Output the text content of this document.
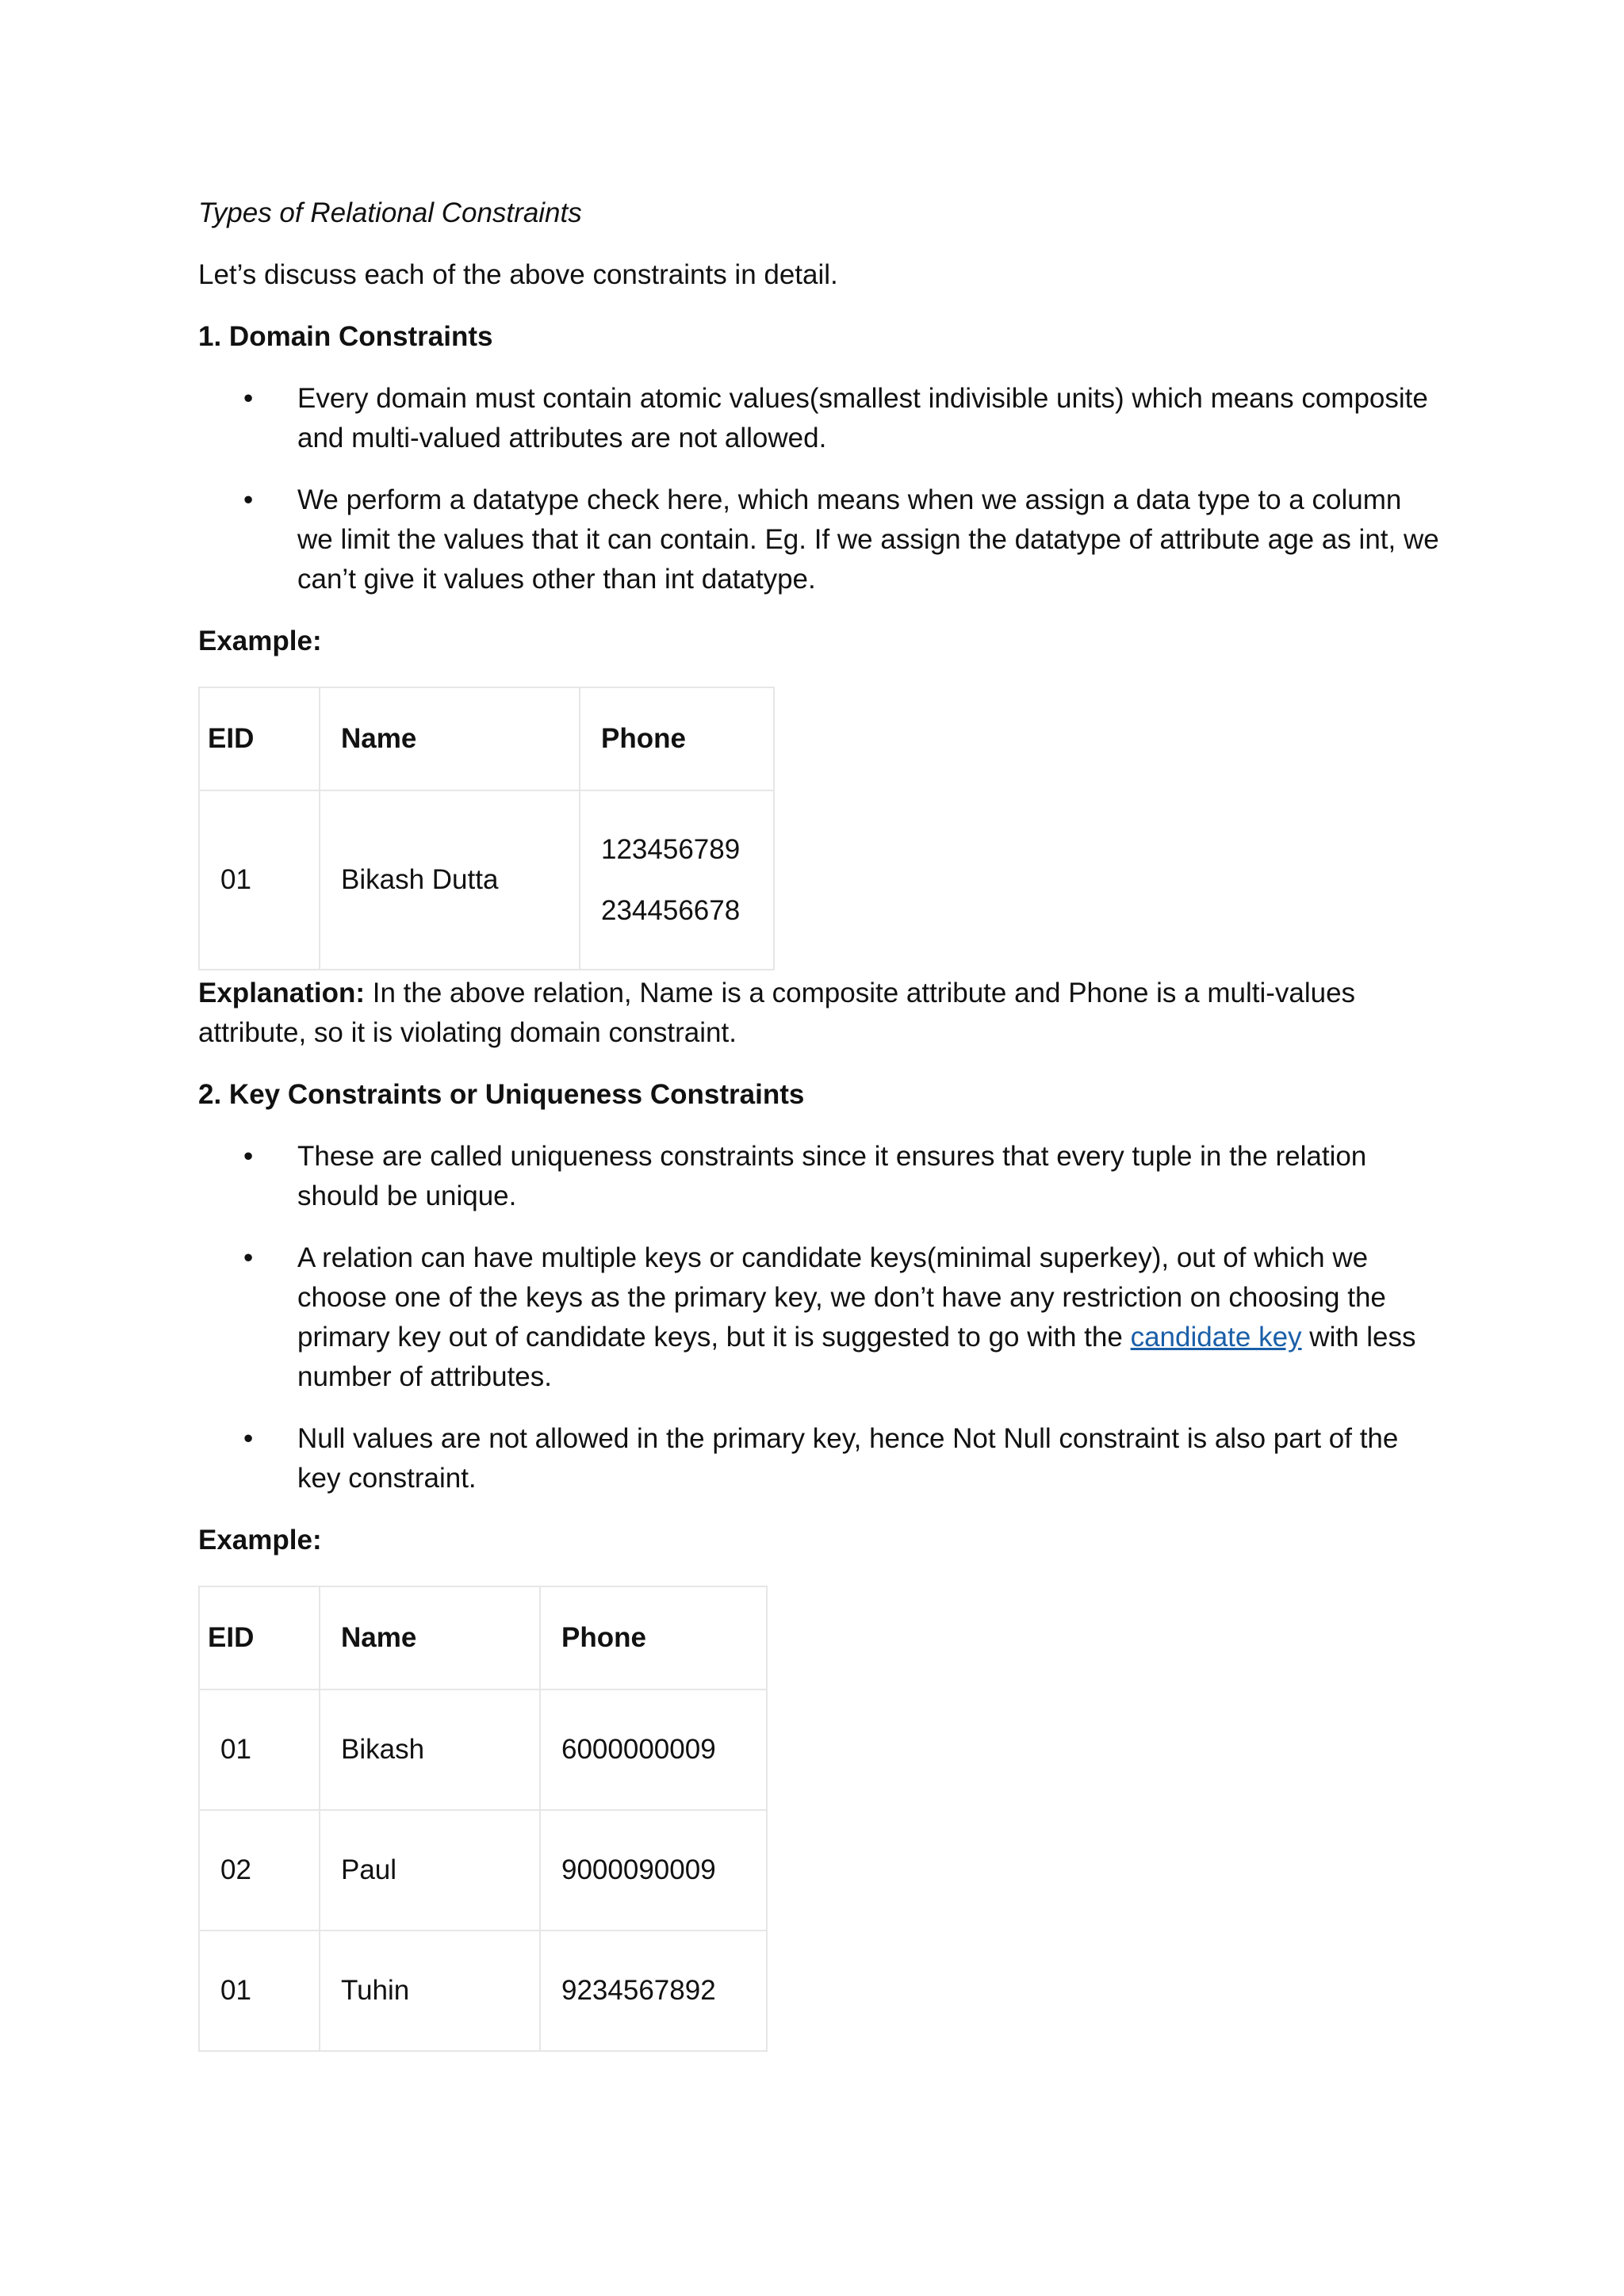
Types of Relational Constraints

Let’s discuss each of the above constraints in detail.

1. Domain Constraints

• Every domain must contain atomic values(smallest indivisible units) which means composite and multi-valued attributes are not allowed.
• We perform a datatype check here, which means when we assign a data type to a column we limit the values that it can contain. Eg. If we assign the datatype of attribute age as int, we can’t give it values other than int datatype.

Example:

EID	Name	Phone
01	Bikash Dutta	123456789
234456678

Explanation: In the above relation, Name is a composite attribute and Phone is a multi-values attribute, so it is violating domain constraint.

2. Key Constraints or Uniqueness Constraints

• These are called uniqueness constraints since it ensures that every tuple in the relation should be unique.
• A relation can have multiple keys or candidate keys(minimal superkey), out of which we choose one of the keys as the primary key, we don’t have any restriction on choosing the primary key out of candidate keys, but it is suggested to go with the candidate key with less number of attributes.
• Null values are not allowed in the primary key, hence Not Null constraint is also part of the key constraint.

Example:

EID	Name	Phone
01	Bikash	6000000009
02	Paul	9000090009
01	Tuhin	9234567892
